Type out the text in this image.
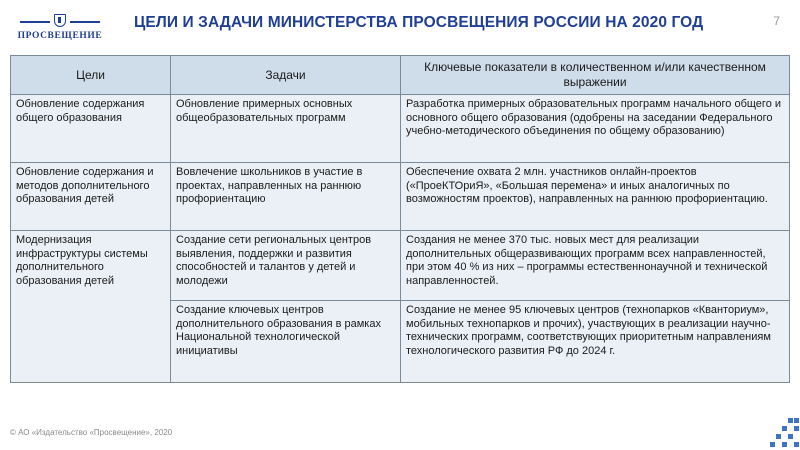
ПРОСВЕЩЕНИЕ
ЦЕЛИ И ЗАДАЧИ МИНИСТЕРСТВА ПРОСВЕЩЕНИЯ РОССИИ НА 2020 ГОД	7
Цели	Задачи	Ключевые показатели в количественном и/или качественном выражении
Обновление содержания общего образования	Обновление примерных основных общеобразовательных программ	Разработка примерных образовательных программ начального общего и основного общего образования (одобрены на заседании Федерального учебно-методического объединения по общему образованию)
Обновление содержания и методов дополнительного образования детей	Вовлечение школьников в участие в проектах, направленных на раннюю профориентацию	Обеспечение охвата 2 млн. участников онлайн-проектов («ПроеКТОриЯ», «Большая перемена» и иных аналогичных по возможностям проектов), направленных на раннюю профориентацию.
Модернизация инфраструктуры системы дополнительного образования детей	Создание сети региональных центров выявления, поддержки и развития способностей и талантов у детей и молодежи	Создания не менее 370 тыс. новых мест для реализации дополнительных общеразвивающих программ всех направленностей, при этом 40 % из них – программы естественнонаучной и технической направленностей.
	Создание ключевых центров дополнительного образования в рамках Национальной технологической инициативы	Создание не менее 95 ключевых центров (технопарков «Кванториум», мобильных технопарков и прочих), участвующих в реализации научно-технических программ, соответствующих приоритетным направлениям технологического развития РФ до 2024 г.
© АО «Издательство «Просвещение», 2020
